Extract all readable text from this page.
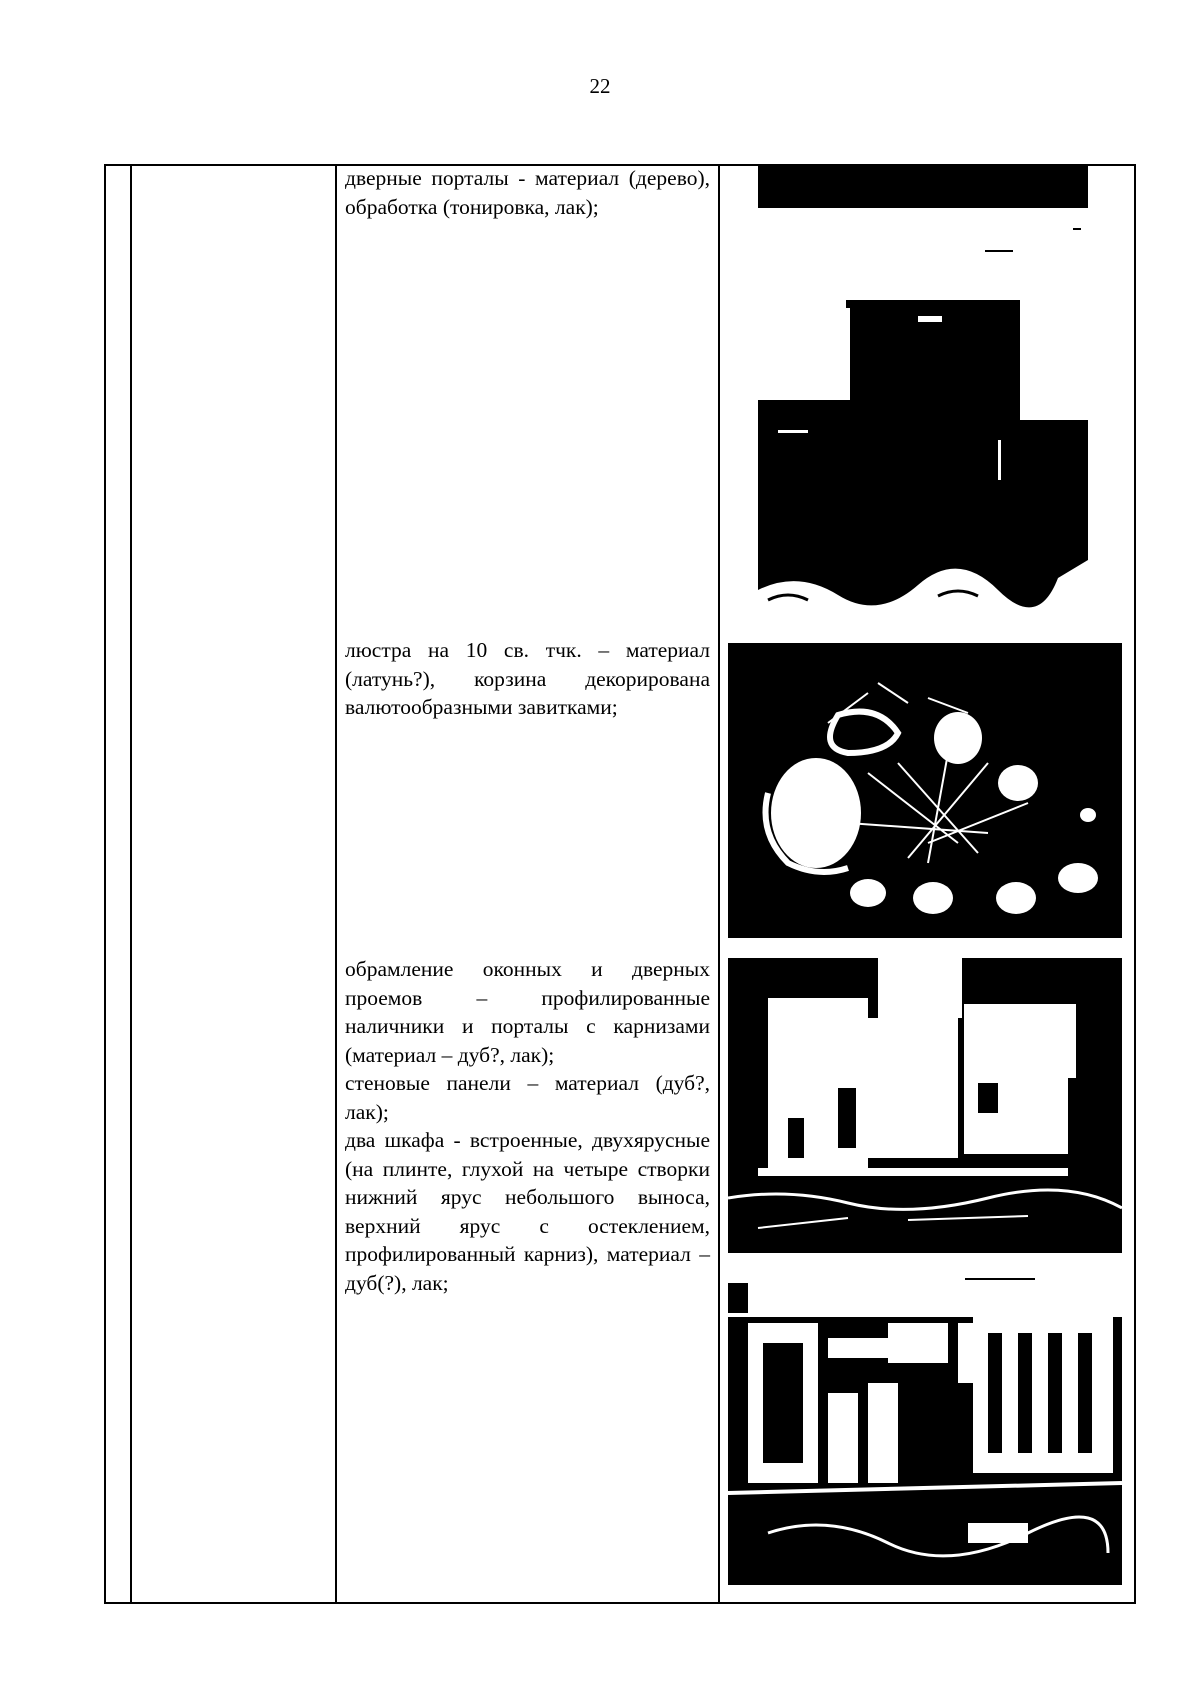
22

дверные порталы - материал (дерево), обработка (тонировка, лак);

люстра на 10 св. тчк. – материал (латунь?), корзина декорирована валютообразными завитками;

обрамление оконных и дверных проемов – профилированные наличники и порталы с карнизами (материал – дуб?, лак);

стеновые панели – материал (дуб?, лак);

два шкафа - встроенные, двухярусные (на плинте, глухой на четыре створки нижний ярус небольшого выноса, верхний ярус с остеклением, профилированный карниз), материал – дуб(?), лак;
